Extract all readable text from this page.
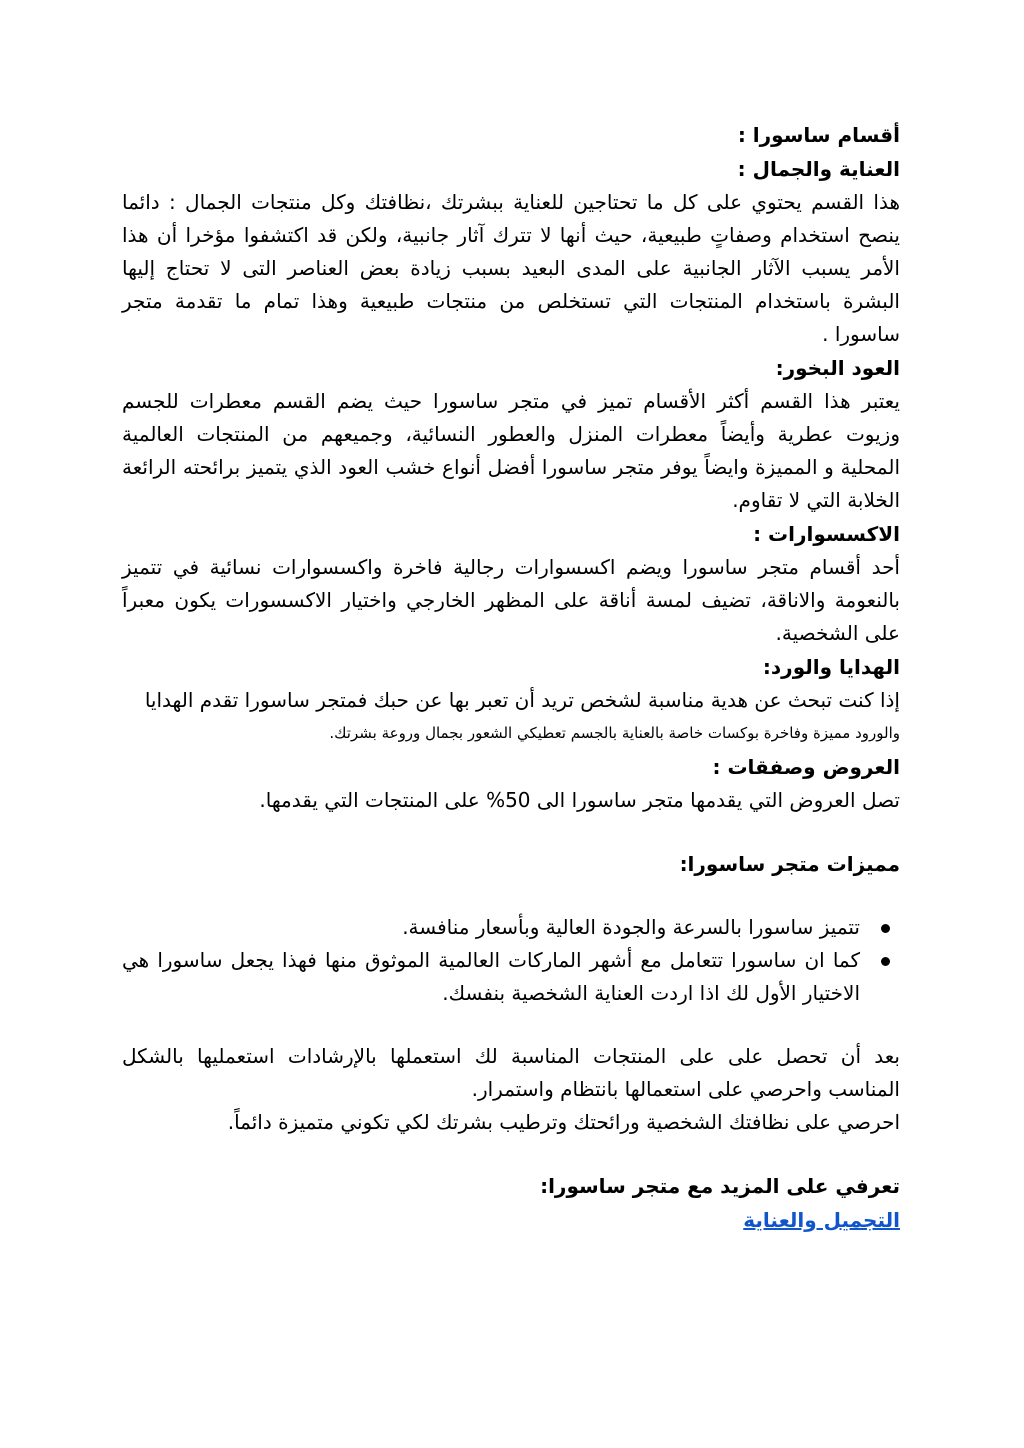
أقسام ساسورا :

العناية والجمال :

هذا القسم يحتوي على كل ما تحتاجين للعناية ببشرتك ،نظافتك وكل منتجات الجمال : دائما ينصح استخدام وصفاتٍ طبيعية، حيث أنها لا تترك آثار جانبية، ولكن قد اكتشفوا مؤخرا أن هذا الأمر يسبب الآثار الجانبية على المدى البعيد بسبب زيادة بعض العناصر التى لا تحتاج إليها البشرة باستخدام المنتجات التي تستخلص من منتجات طبيعية وهذا تمام ما تقدمة متجر ساسورا .

العود البخور:

يعتبر هذا القسم أكثر الأقسام تميز في متجر ساسورا حيث يضم القسم معطرات للجسم وزيوت عطرية وأيضاً معطرات المنزل والعطور النسائية، وجميعهم من المنتجات العالمية المحلية و المميزة وايضاً يوفر متجر ساسورا أفضل أنواع خشب العود الذي يتميز برائحته الرائعة الخلابة التي لا تقاوم.

الاكسسوارات :

أحد أقسام متجر ساسورا ويضم اكسسوارات رجالية فاخرة واكسسوارات نسائية في تتميز بالنعومة والاناقة، تضيف لمسة أناقة على المظهر الخارجي واختيار الاكسسورات يكون معبراً على الشخصية.

الهدايا والورد:

إذا كنت تبحث عن هدية مناسبة لشخص تريد أن تعبر بها عن حبك فمتجر ساسورا تقدم الهدايا

والورود مميزة وفاخرة بوكسات خاصة بالعناية بالجسم تعطيكي الشعور بجمال وروعة بشرتك.

العروض وصفقات :

تصل العروض التي يقدمها متجر ساسورا الى 50% على المنتجات التي يقدمها.

مميزات متجر ساسورا:

تتميز ساسورا بالسرعة والجودة العالية وبأسعار منافسة.
كما ان ساسورا تتعامل مع أشهر الماركات العالمية الموثوق منها فهذا يجعل ساسورا هي الاختيار الأول لك اذا اردت العناية الشخصية بنفسك.

بعد أن تحصل على على المنتجات المناسبة لك استعملها بالإرشادات استعمليها بالشكل المناسب واحرصي على استعمالها بانتظام واستمرار.

احرصي على نظافتك الشخصية ورائحتك وترطيب بشرتك لكي تكوني متميزة دائماً.

تعرفي على المزيد مع متجر ساسورا:

التجميل والعناية
